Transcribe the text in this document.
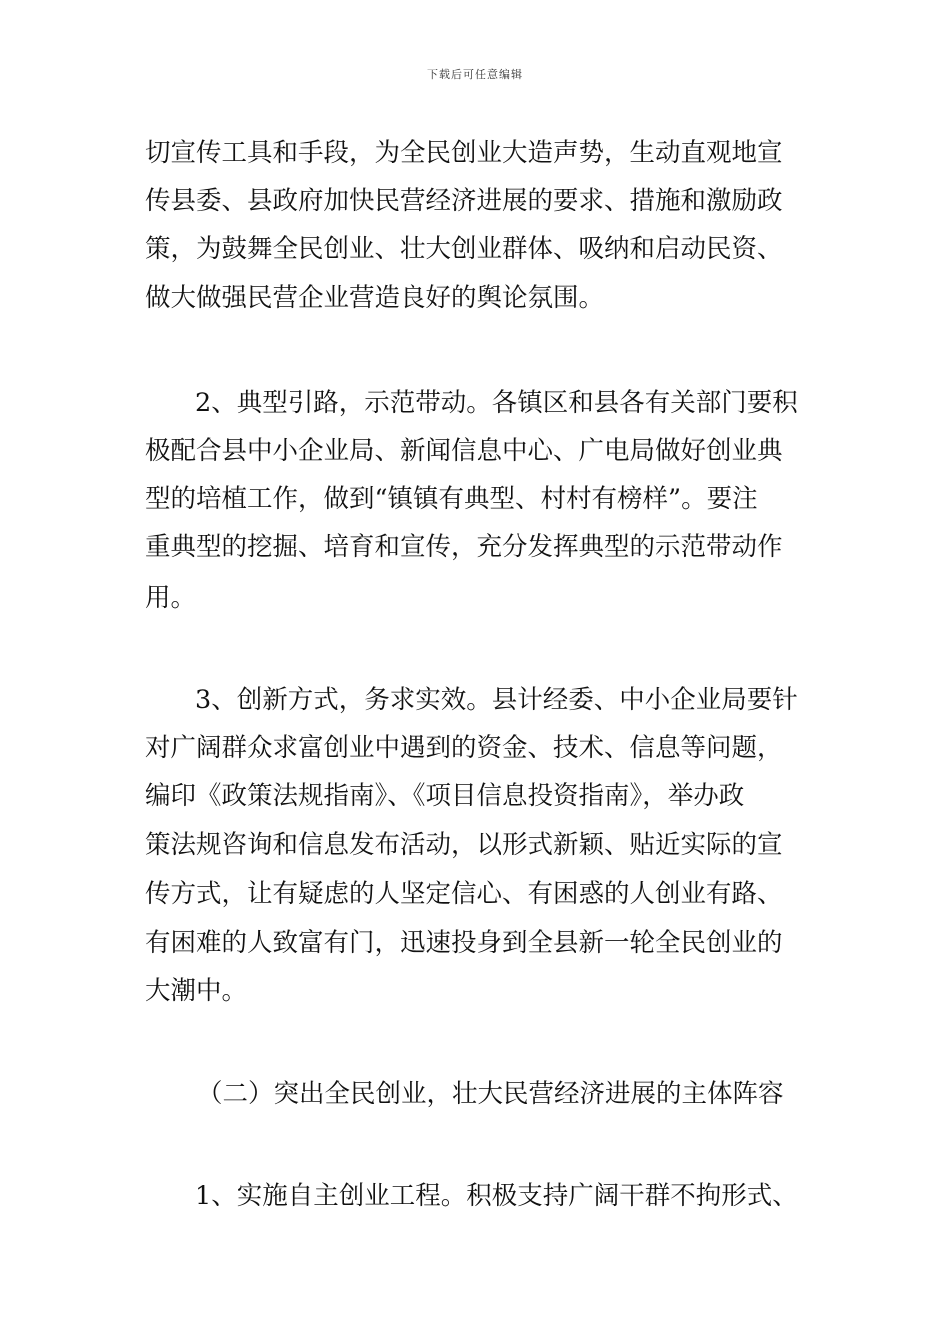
下载后可任意编辑
切宣传工具和手段，为全民创业大造声势，生动直观地宣
传县委、县政府加快民营经济进展的要求、措施和激励政
策，为鼓舞全民创业、壮大创业群体、吸纳和启动民资、
做大做强民营企业营造良好的舆论氛围。
2、典型引路，示范带动。各镇区和县各有关部门要积
极配合县中小企业局、新闻信息中心、广电局做好创业典
型的培植工作，做到“镇镇有典型、村村有榜样”。要注
重典型的挖掘、培育和宣传，充分发挥典型的示范带动作
用。
3、创新方式，务求实效。县计经委、中小企业局要针
对广阔群众求富创业中遇到的资金、技术、信息等问题，
编印《政策法规指南》、《项目信息投资指南》，举办政
策法规咨询和信息发布活动，以形式新颖、贴近实际的宣
传方式，让有疑虑的人坚定信心、有困惑的人创业有路、
有困难的人致富有门，迅速投身到全县新一轮全民创业的
大潮中。
（二）突出全民创业，壮大民营经济进展的主体阵容
1、实施自主创业工程。积极支持广阔干群不拘形式、
